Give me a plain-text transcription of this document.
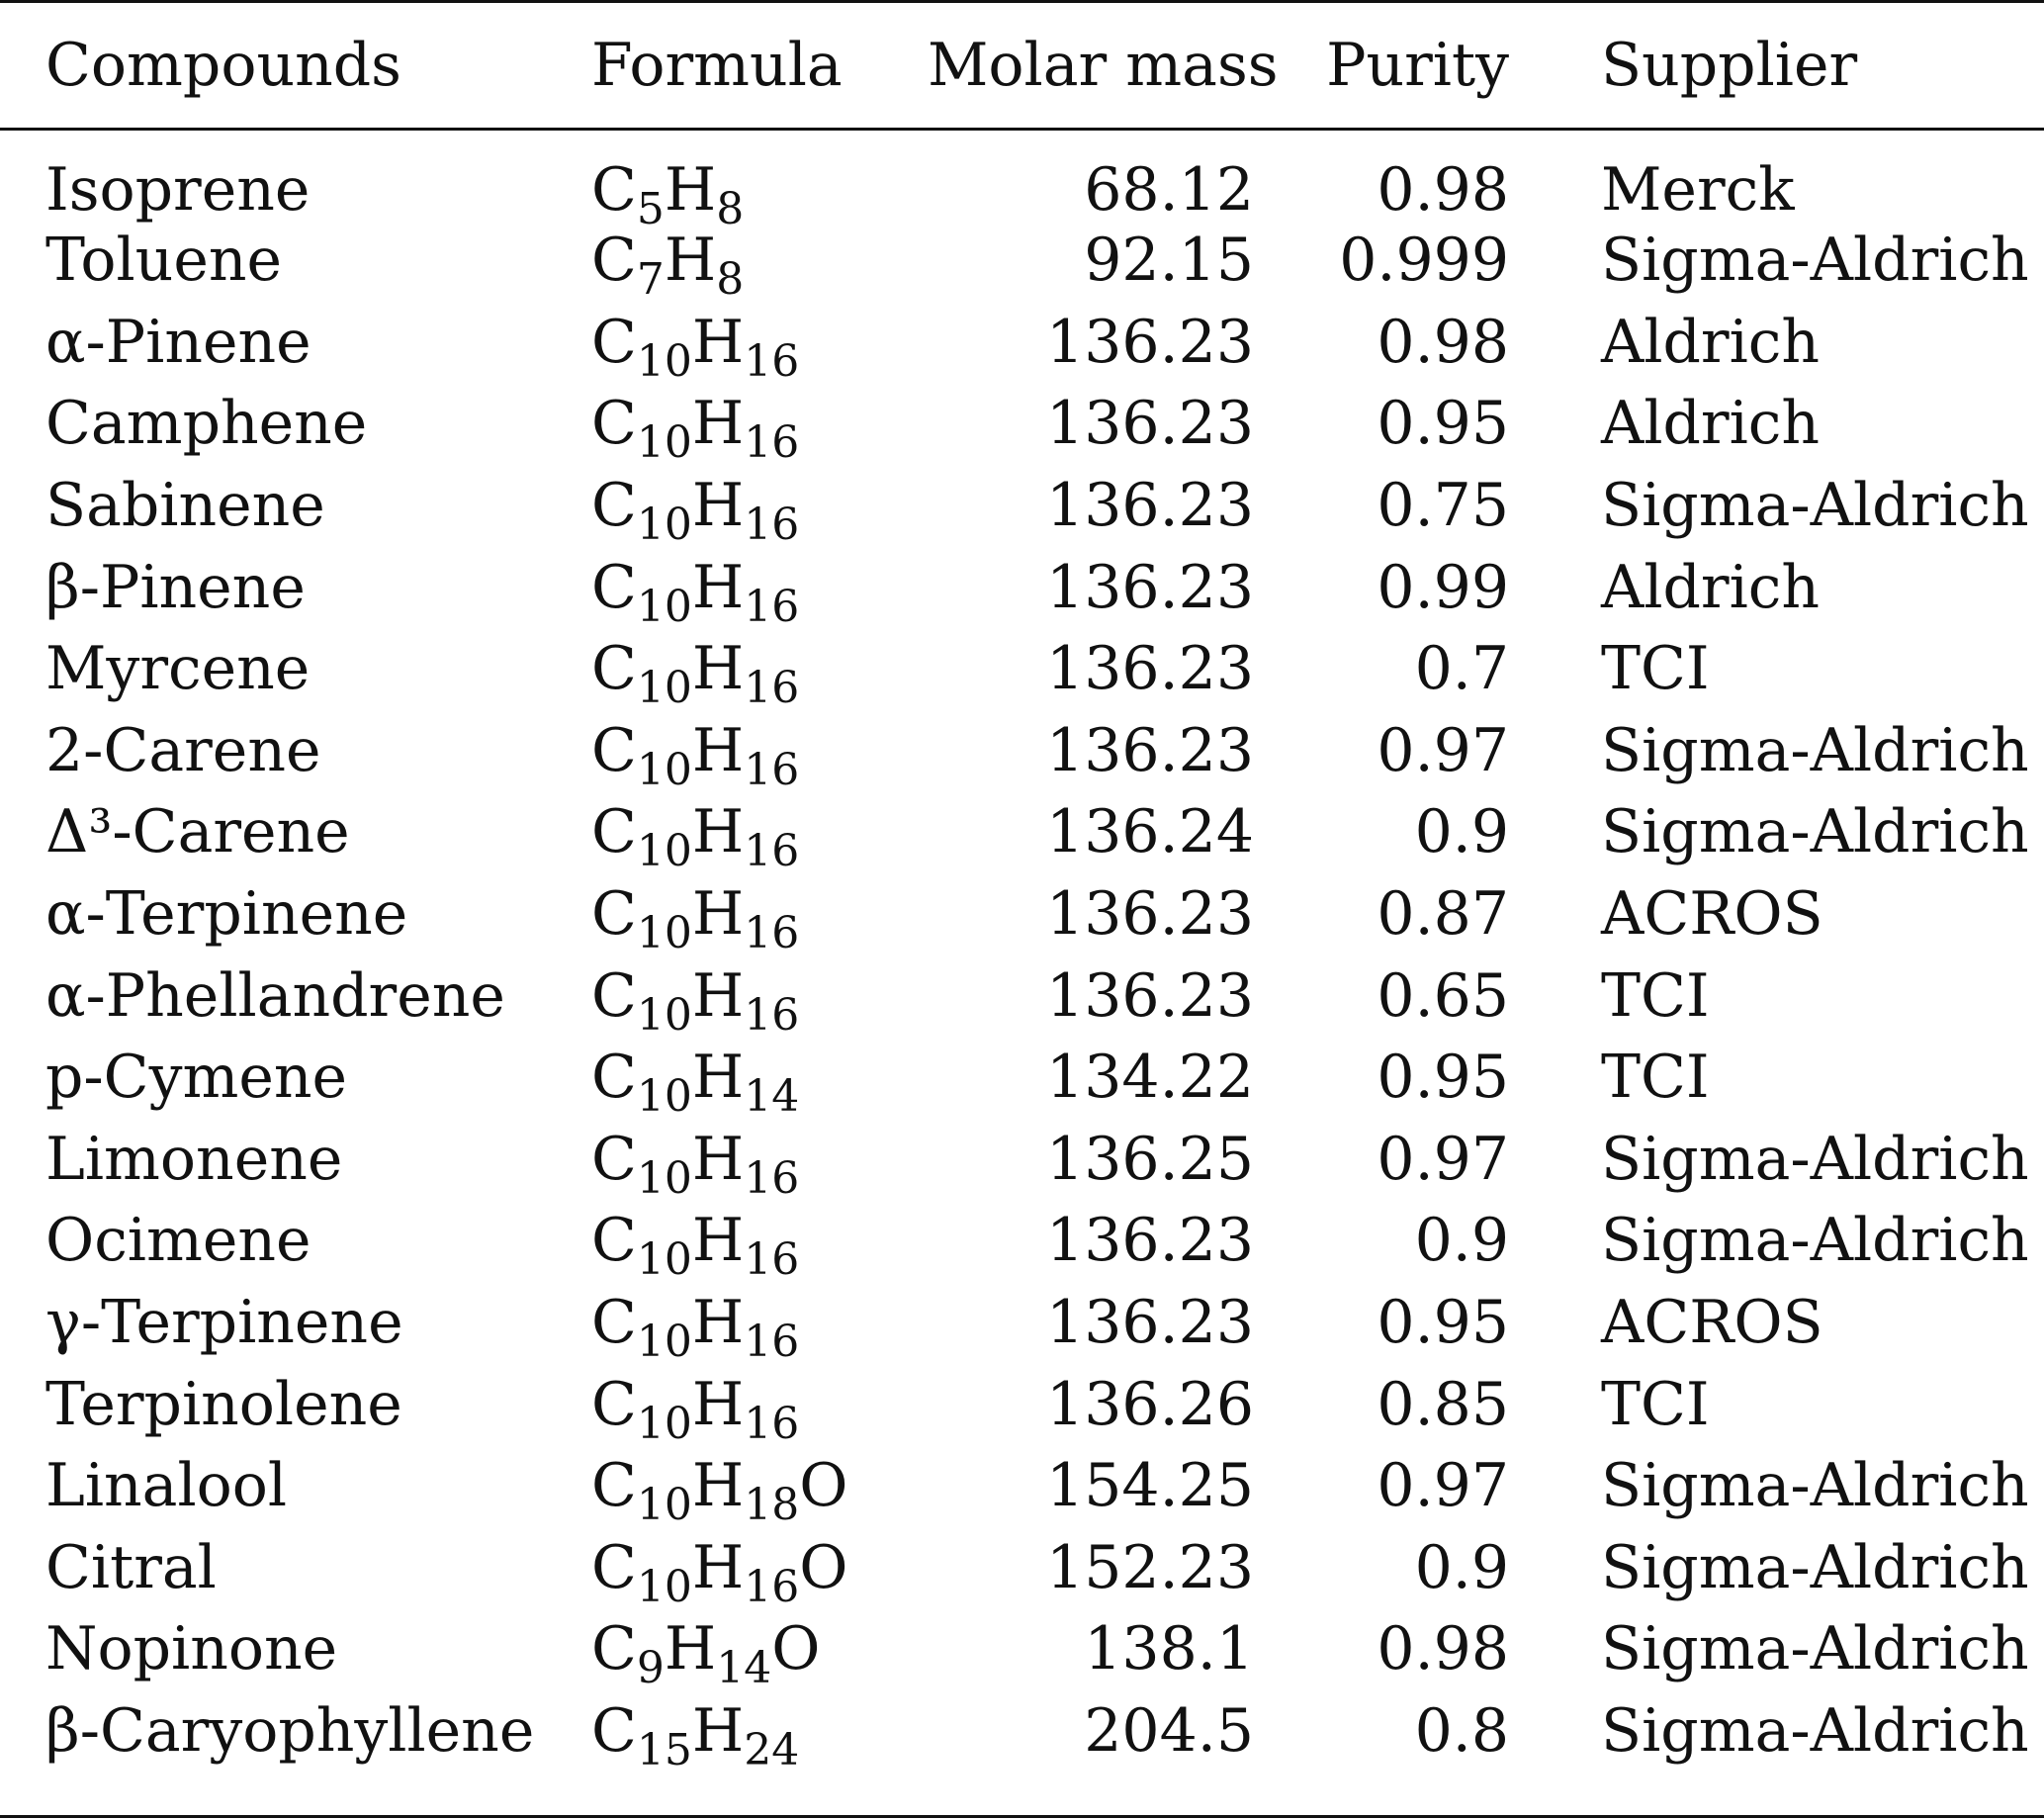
Compounds	Formula	Molar mass	Purity	Supplier
Isoprene	$C_5H_8$	68.12	0.98	Merck
Toluene	$C_7H_8$	92.15	0.999	Sigma-Aldrich
α-Pinene	$C_{10}H_{16}$	136.23	0.98	Aldrich
Camphene	$C_{10}H_{16}$	136.23	0.95	Aldrich
Sabinene	$C_{10}H_{16}$	136.23	0.75	Sigma-Aldrich
β-Pinene	$C_{10}H_{16}$	136.23	0.99	Aldrich
Myrcene	$C_{10}H_{16}$	136.23	0.7	TCI
2-Carene	$C_{10}H_{16}$	136.23	0.97	Sigma-Aldrich
Δ³-Carene	$C_{10}H_{16}$	136.24	0.9	Sigma-Aldrich
α-Terpinene	$C_{10}H_{16}$	136.23	0.87	ACROS
α-Phellandrene	$C_{10}H_{16}$	136.23	0.65	TCI
p-Cymene	$C_{10}H_{14}$	134.22	0.95	TCI
Limonene	$C_{10}H_{16}$	136.25	0.97	Sigma-Aldrich
Ocimene	$C_{10}H_{16}$	136.23	0.9	Sigma-Aldrich
γ-Terpinene	$C_{10}H_{16}$	136.23	0.95	ACROS
Terpinolene	$C_{10}H_{16}$	136.26	0.85	TCI
Linalool	$C_{10}H_{18}O$	154.25	0.97	Sigma-Aldrich
Citral	$C_{10}H_{16}O$	152.23	0.9	Sigma-Aldrich
Nopinone	$C_9H_{14}O$	138.1	0.98	Sigma-Aldrich
β-Caryophyllene	$C_{15}H_{24}$	204.5	0.8	Sigma-Aldrich
